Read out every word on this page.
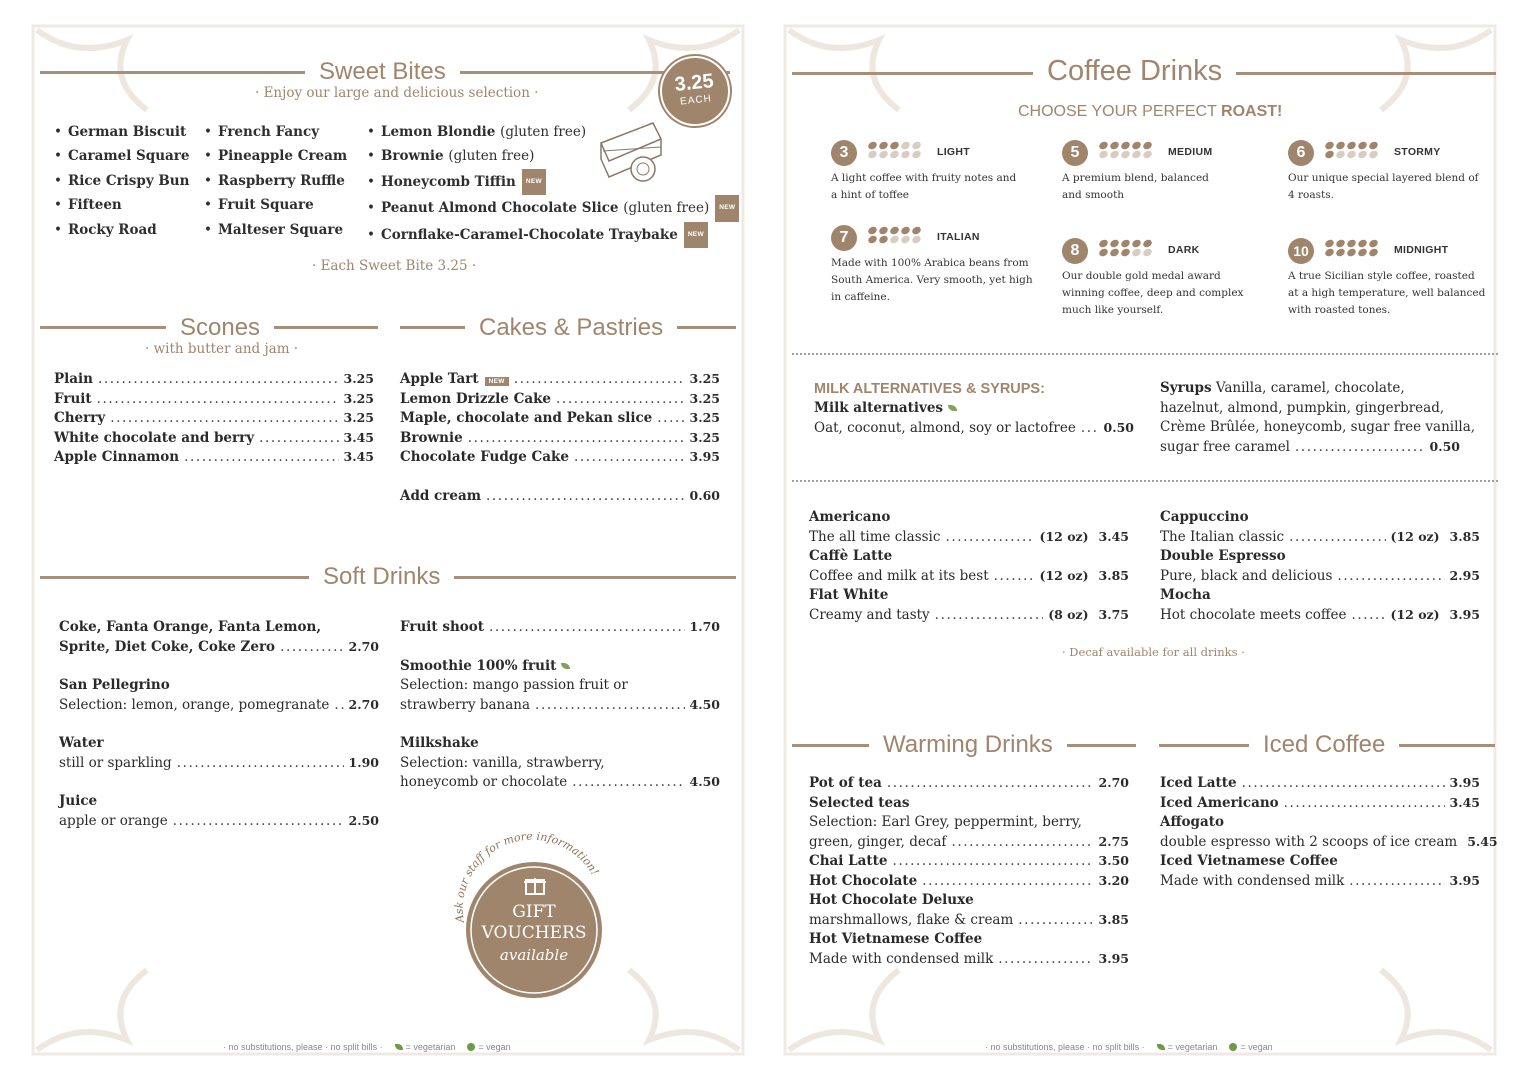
Sweet Bites
· Enjoy our large and delicious selection ·	3.25
EACH
• German Biscuit
• Caramel Square
• Rice Crispy Bun
• Fifteen
• Rocky Road
• French Fancy
• Pineapple Cream
• Raspberry Ruffle
• Fruit Square
• Malteser Square
• Lemon Blondie (gluten free)
• Brownie (gluten free)
• Honeycomb Tiffin NEW
• Peanut Almond Chocolate Slice (gluten free) NEW
• Cornflake-Caramel-Chocolate Traybake NEW
· Each Sweet Bite 3.25 ·
Scones
· with butter and jam ·
Plain .....	3.25
Fruit .....	3.25
Cherry .....	3.25
White chocolate and berry .....	3.45
Apple Cinnamon .....	3.45
Cakes & Pastries
Apple Tart	NEW .....	3.25
Lemon Drizzle Cake .....	3.25
Maple, chocolate and Pekan slice .....	3.25
Brownie .....	3.25
Chocolate Fudge Cake .....	3.95
Add cream .....	0.60
Soft Drinks
Coke, Fanta Orange, Fanta Lemon,
Sprite, Diet Coke, Coke Zero .....	2.70
San Pellegrino
Selection: lemon, orange, pomegranate ..... 2.70
Water
still or sparkling .....	1.90
Juice
apple or orange .....	2.50
Fruit shoot .....	1.70
Smoothie 100% fruit
Selection: mango passion fruit or
strawberry banana .....	4.50
Milkshake
Selection: vanilla, strawberry,
honeycomb or chocolate .....	4.50
Ask our staff for more information!
GIFT
VOUCHERS
available
· no substitutions, please · no split bills ·	= vegetarian	= vegan
Coffee Drinks
CHOOSE YOUR PERFECT ROAST!
3	LIGHT
A light coffee with fruity notes and
a hint of toffee
5	MEDIUM
A premium blend, balanced
and smooth
6	STORMY
Our unique special layered blend of
4 roasts.
7	ITALIAN
Made with 100% Arabica beans from
South America. Very smooth, yet high
in caffeine.
8	DARK
Our double gold medal award
winning coffee, deep and complex
much like yourself.
10	MIDNIGHT
A true Sicilian style coffee, roasted
at a high temperature, well balanced
with roasted tones.
MILK ALTERNATIVES & SYRUPS:
Milk alternatives
Oat, coconut, almond, soy or lactofree ..... 0.50
Syrups Vanilla, caramel, chocolate,
hazelnut, almond, pumpkin, gingerbread,
Crème Brûlée, honeycomb, sugar free vanilla,
sugar free caramel .....	0.50
Americano
The all time classic .....	(12 oz) 3.45
Caffè Latte
Coffee and milk at its best .....	(12 oz) 3.85
Flat White
Creamy and tasty .....	(8 oz) 3.75
Cappuccino
The Italian classic .....	(12 oz) 3.85
Double Espresso
Pure, black and delicious .....	2.95
Mocha
Hot chocolate meets coffee .....	(12 oz) 3.95
· Decaf available for all drinks ·
Warming Drinks
Pot of tea .....	2.70
Selected teas
Selection: Earl Grey, peppermint, berry,
green, ginger, decaf .....	2.75
Chai Latte .....	3.50
Hot Chocolate .....	3.20
Hot Chocolate Deluxe
marshmallows, flake & cream .....	3.85
Hot Vietnamese Coffee
Made with condensed milk .....	3.95
Iced Coffee
Iced Latte .....	3.95
Iced Americano .....	3.45
Affogato
double espresso with 2 scoops of ice cream 5.45
Iced Vietnamese Coffee
Made with condensed milk .....	3.95
· no substitutions, please · no split bills ·	= vegetarian	= vegan
